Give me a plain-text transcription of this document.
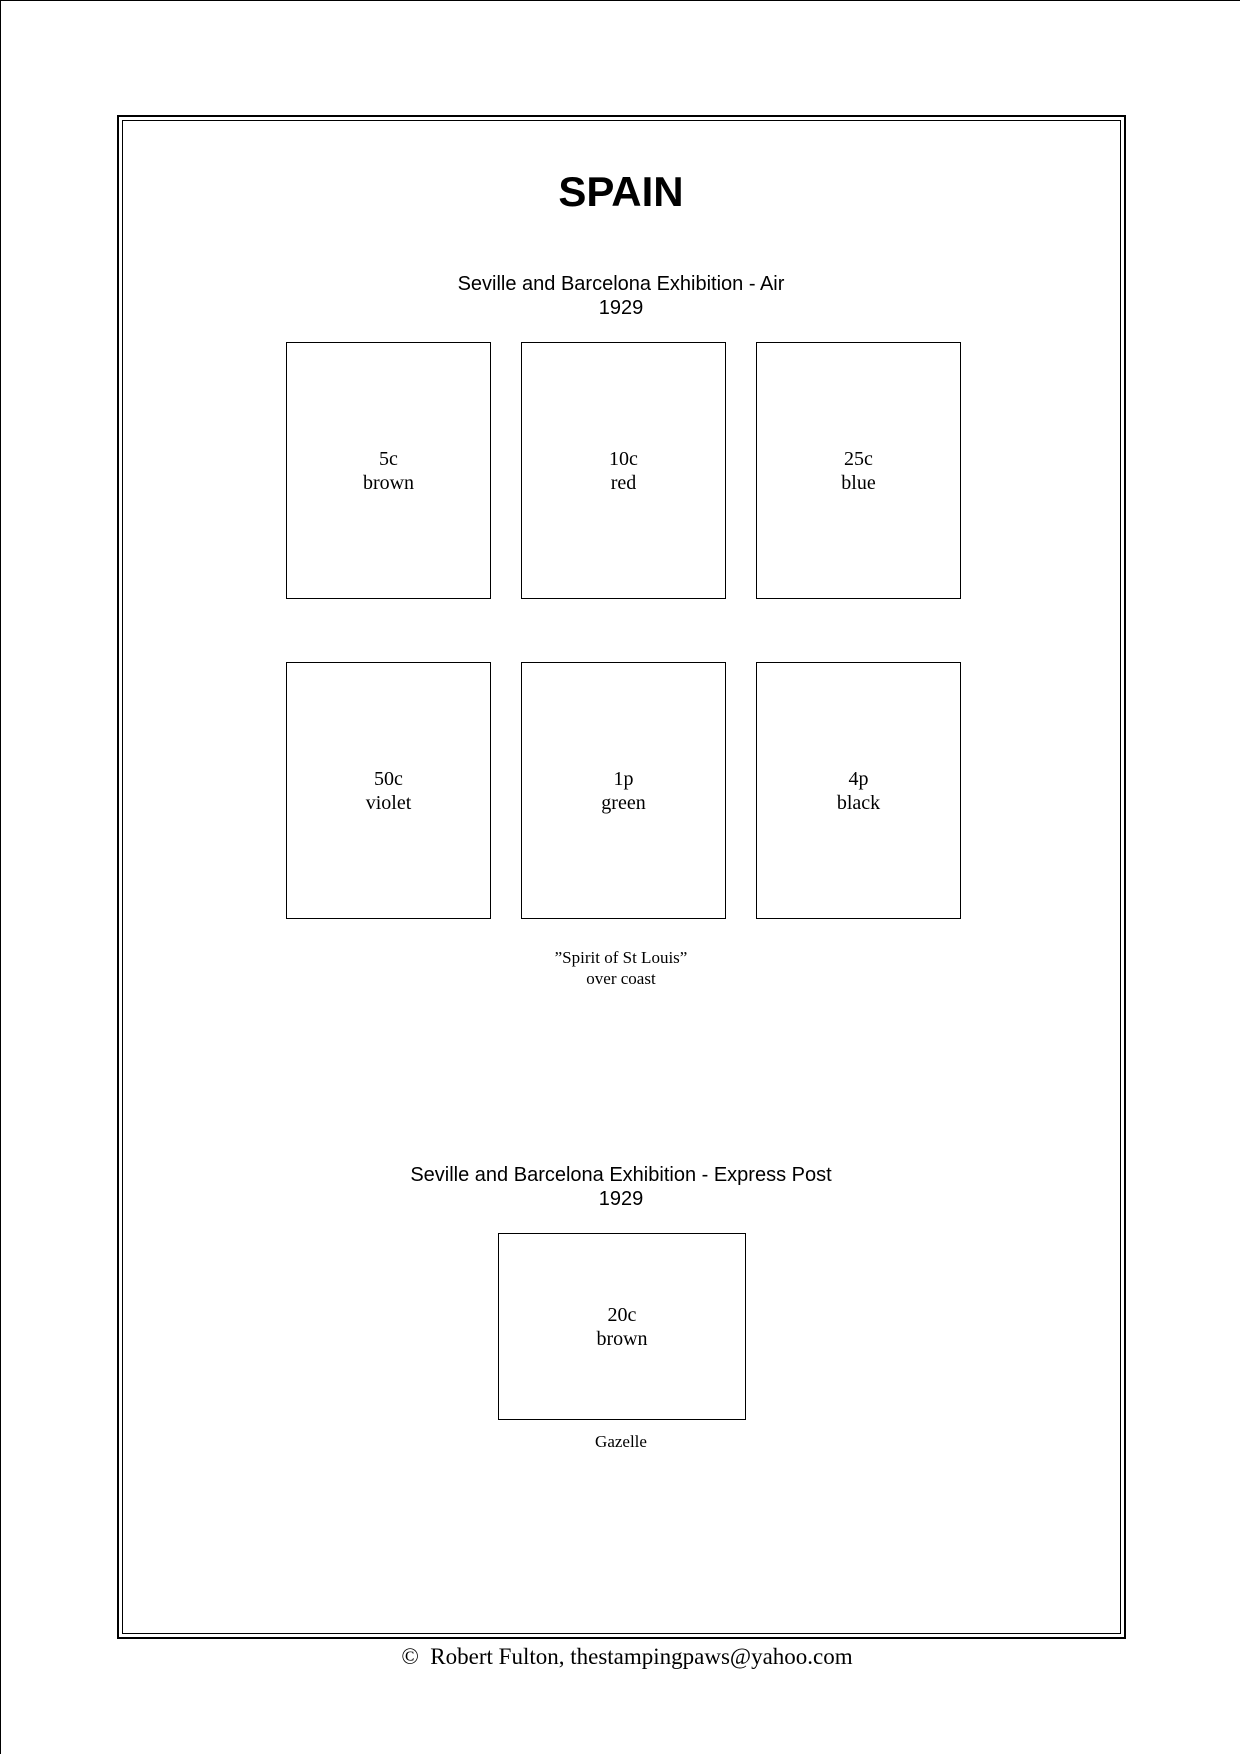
SPAIN
Seville and Barcelona Exhibition - Air
1929
5c
brown
10c
red
25c
blue
50c
violet
1p
green
4p
black
”Spirit of St Louis”
over coast
Seville and Barcelona Exhibition - Express Post
1929
20c
brown
Gazelle
©  Robert Fulton, thestampingpaws@yahoo.com
